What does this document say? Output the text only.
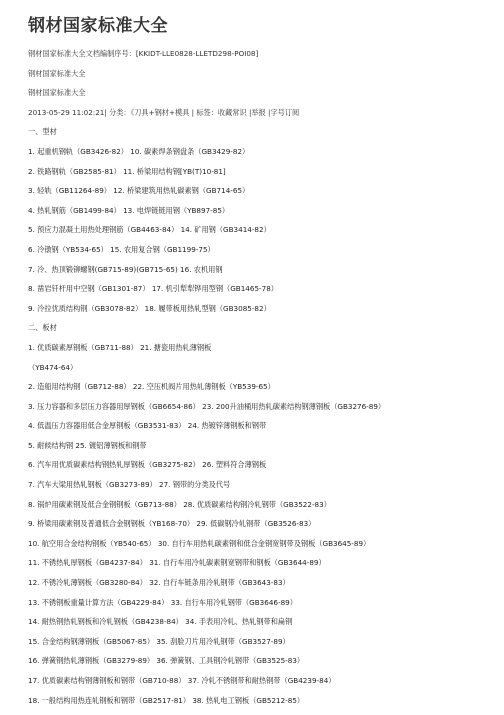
钢材国家标准大全
钢材国家标准大全文档编制序号：[KKIDT-LLE0828-LLETD298-POI08]
钢材国家标准大全
钢材国家标准大全
2013-05-29 11:02:21| 分类：《刀具+钢材+模具 | 标签：收藏常识 |举报 |字号订阅
一、型材
1. 起重机钢轨（GB3426-82） 10. 碳素焊条钢盘条（GB3429-82）
2. 铁路钢轨（GB2585-81） 11. 桥梁用结构钢[YB(T)10-81]
3. 轻轨（GB11264-89） 12. 桥梁建筑用热轧碳素钢（GB714-65）
4. 热轧钢筋（GB1499-84） 13. 电焊链链用钢（YB897-85）
5. 预应力混凝土用热处理钢筋（GB4463-84） 14. 矿用钢（GB3414-82）
6. 冷镦钢（YB534-65） 15. 农用复合钢（GB1199-75）
7. 冷、热顶锻铆螺钢(GB715-89)(GB715-65) 16. 农机用钢
8. 凿岩钎杆用中空钢（GB1301-87） 17. 机引犁犁铧用型钢（GB1465-78）
9. 冷拉优质结构钢（GB3078-82） 18. 履带板用热轧型钢（GB3085-82）
二、板材
1. 优质碳素厚钢板（GB711-88） 21. 搪瓷用热轧薄钢板
（YB474-64）
2. 造船用结构钢（GB712-88） 22. 空压机阀片用热轧薄钢板（YB539-65）
3. 压力容器和多层压力容器用厚钢板（GB6654-86） 23. 200升油桶用热轧碳素结构钢薄钢板（GB3276-89）
4. 低温压力容器用低合金厚钢板（GB3531-83） 24. 热镀锌薄钢板和钢带
5. 耐候结构钢 25. 镀铝薄钢板和钢带
6. 汽车用优质碳素结构钢热轧厚钢板（GB3275-82） 26. 塑料符合薄钢板
7. 汽车大梁用热轧钢板（GB3273-89） 27. 钢带的分类及代号
8. 锅炉用碳素钢及低合金钢钢板（GB713-88） 28. 优质碳素结构钢冷轧钢带（GB3522-83）
9. 桥梁用碳素钢及普通低合金钢钢板（YB168-70） 29. 低碳钢冷轧钢带（GB3526-83）
10. 航空用合金结构钢板（YB540-65） 30. 自行车用热轧碳素钢和低合金钢宽钢带及钢板（GB3645-89）
11. 不锈热轧厚钢板（GB4237-84） 31. 自行车用冷轧碳素钢宽钢带和钢板（GB3644-89）
12. 不锈冷轧薄钢板（GB3280-84） 32. 自行车链条用冷轧钢带（GB3643-83）
13. 不锈钢板重量计算方法（GB4229-84） 33. 自行车用冷轧钢带（GB3646-89）
14. 耐热钢热轧钢板和冷轧钢板（GB4238-84） 34. 手表用冷轧、热轧钢带和扁钢
15. 合金结构钢薄钢板（GB5067-85） 35. 刮脸刀片用冷轧钢带（GB3527-89）
16. 弹簧钢热轧薄钢板（GB3279-89） 36. 弹簧钢、工具钢冷轧钢带（GB3525-83）
17. 优质碳素结构钢薄钢板和钢带（GB710-88） 37. 冷轧不锈钢带和耐热钢带（GB4239-84）
18. 一般结构用热连轧钢板和钢带（GB2517-81） 38. 热轧电工钢板（GB5212-85）
